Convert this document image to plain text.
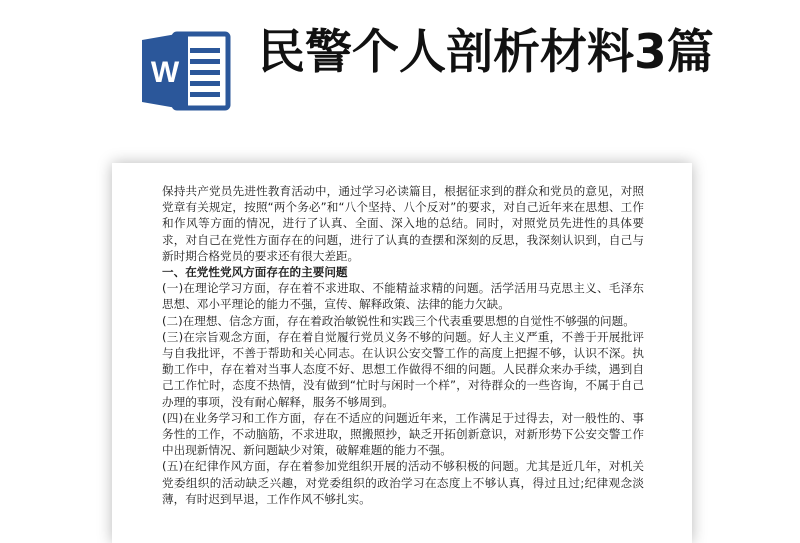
W 民警个人剖析材料3篇

保持共产党员先进性教育活动中，通过学习必读篇目，根据征求到的群众和党员的意见，对照党章有关规定，按照“两个务必”和“八个坚持、八个反对”的要求，对自己近年来在思想、工作和作风等方面的情况，进行了认真、全面、深入地的总结。同时，对照党员先进性的具体要求，对自己在党性方面存在的问题，进行了认真的查摆和深刻的反思，我深刻认识到，自己与新时期合格党员的要求还有很大差距。

一、在党性党风方面存在的主要问题

(一)在理论学习方面，存在着不求进取、不能精益求精的问题。活学活用马克思主义、毛泽东思想、邓小平理论的能力不强，宣传、解释政策、法律的能力欠缺。

(二)在理想、信念方面，存在着政治敏锐性和实践三个代表重要思想的自觉性不够强的问题。

(三)在宗旨观念方面，存在着自觉履行党员义务不够的问题。好人主义严重，不善于开展批评与自我批评，不善于帮助和关心同志。在认识公安交警工作的高度上把握不够，认识不深。执勤工作中，存在着对当事人态度不好、思想工作做得不细的问题。人民群众来办手续，遇到自己工作忙时，态度不热情，没有做到“忙时与闲时一个样”，对待群众的一些咨询，不属于自己办理的事项，没有耐心解释，服务不够周到。

(四)在业务学习和工作方面，存在不适应的问题近年来，工作满足于过得去，对一般性的、事务性的工作，不动脑筋，不求进取，照搬照抄，缺乏开拓创新意识，对新形势下公安交警工作中出现新情况、新问题缺少对策，破解难题的能力不强。

(五)在纪律作风方面，存在着参加党组织开展的活动不够积极的问题。尤其是近几年，对机关党委组织的活动缺乏兴趣，对党委组织的政治学习在态度上不够认真，得过且过;纪律观念淡薄，有时迟到早退，工作作风不够扎实。
